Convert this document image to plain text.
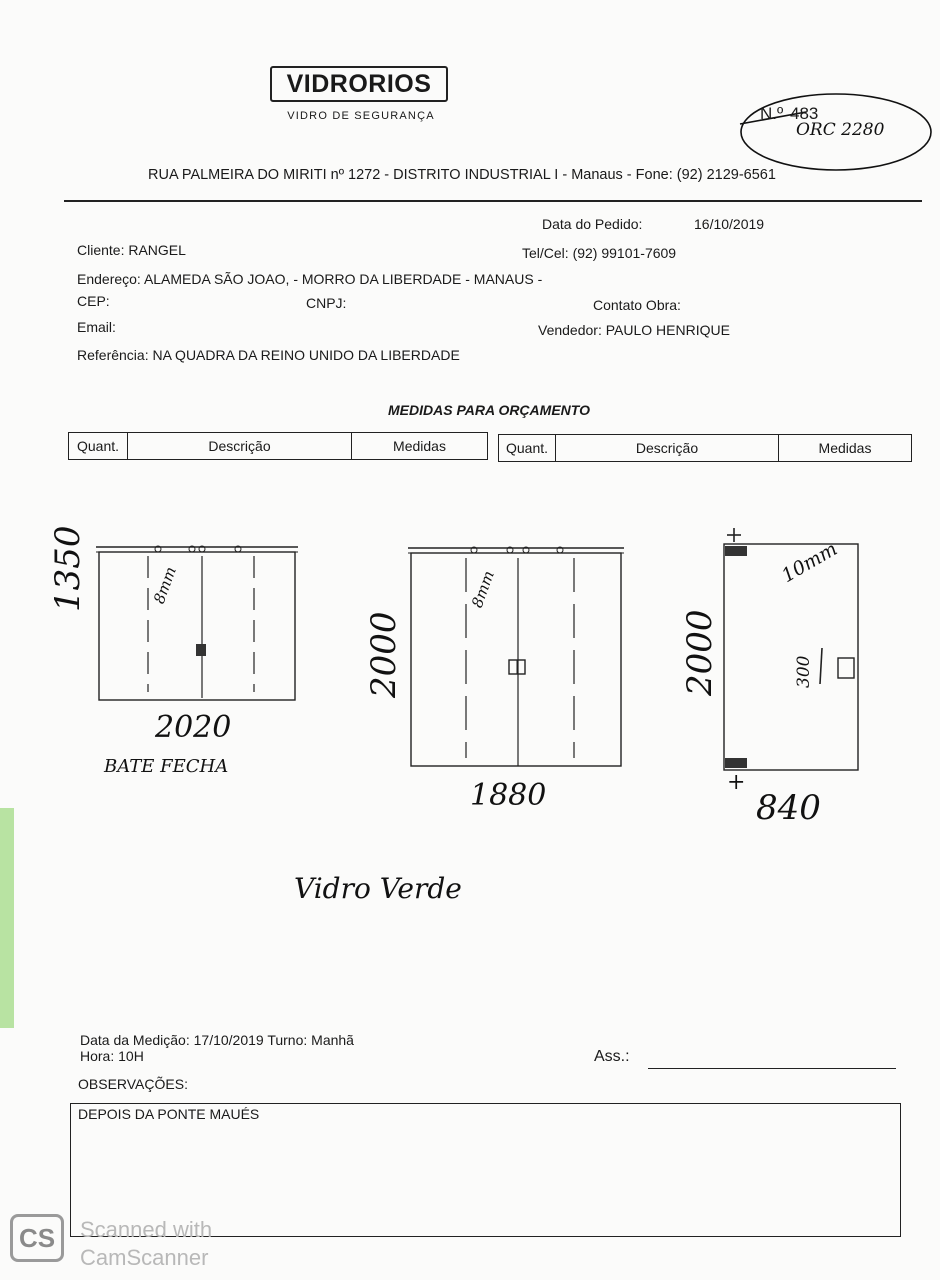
VIDRORIOS
VIDRO DE SEGURANÇA	N.º 483
ORC 2280
RUA PALMEIRA DO MIRITI nº 1272 - DISTRITO INDUSTRIAL I - Manaus - Fone: (92) 2129-6561
Data do Pedido:	16/10/2019
Cliente: RANGEL	Tel/Cel: (92) 99101-7609
Endereço: ALAMEDA SÃO JOAO, - MORRO DA LIBERDADE - MANAUS -
CEP:	CNPJ:	Contato Obra:
Email:	Vendedor: PAULO HENRIQUE
Referência: NA QUADRA DA REINO UNIDO DA LIBERDADE
MEDIDAS PARA ORÇAMENTO
Quant.	Descrição	Medidas	Quant.	Descrição	Medidas
1350	8mm
2020
BATE FECHA
2000
8mm
1880
10mm
300
2000
+
840
Vidro Verde
Data da Medição: 17/10/2019 Turno: Manhã
Hora: 10H	Ass.:
OBSERVAÇÕES:
DEPOIS DA PONTE MAUÉS
CS	Scanned with
CamScanner
